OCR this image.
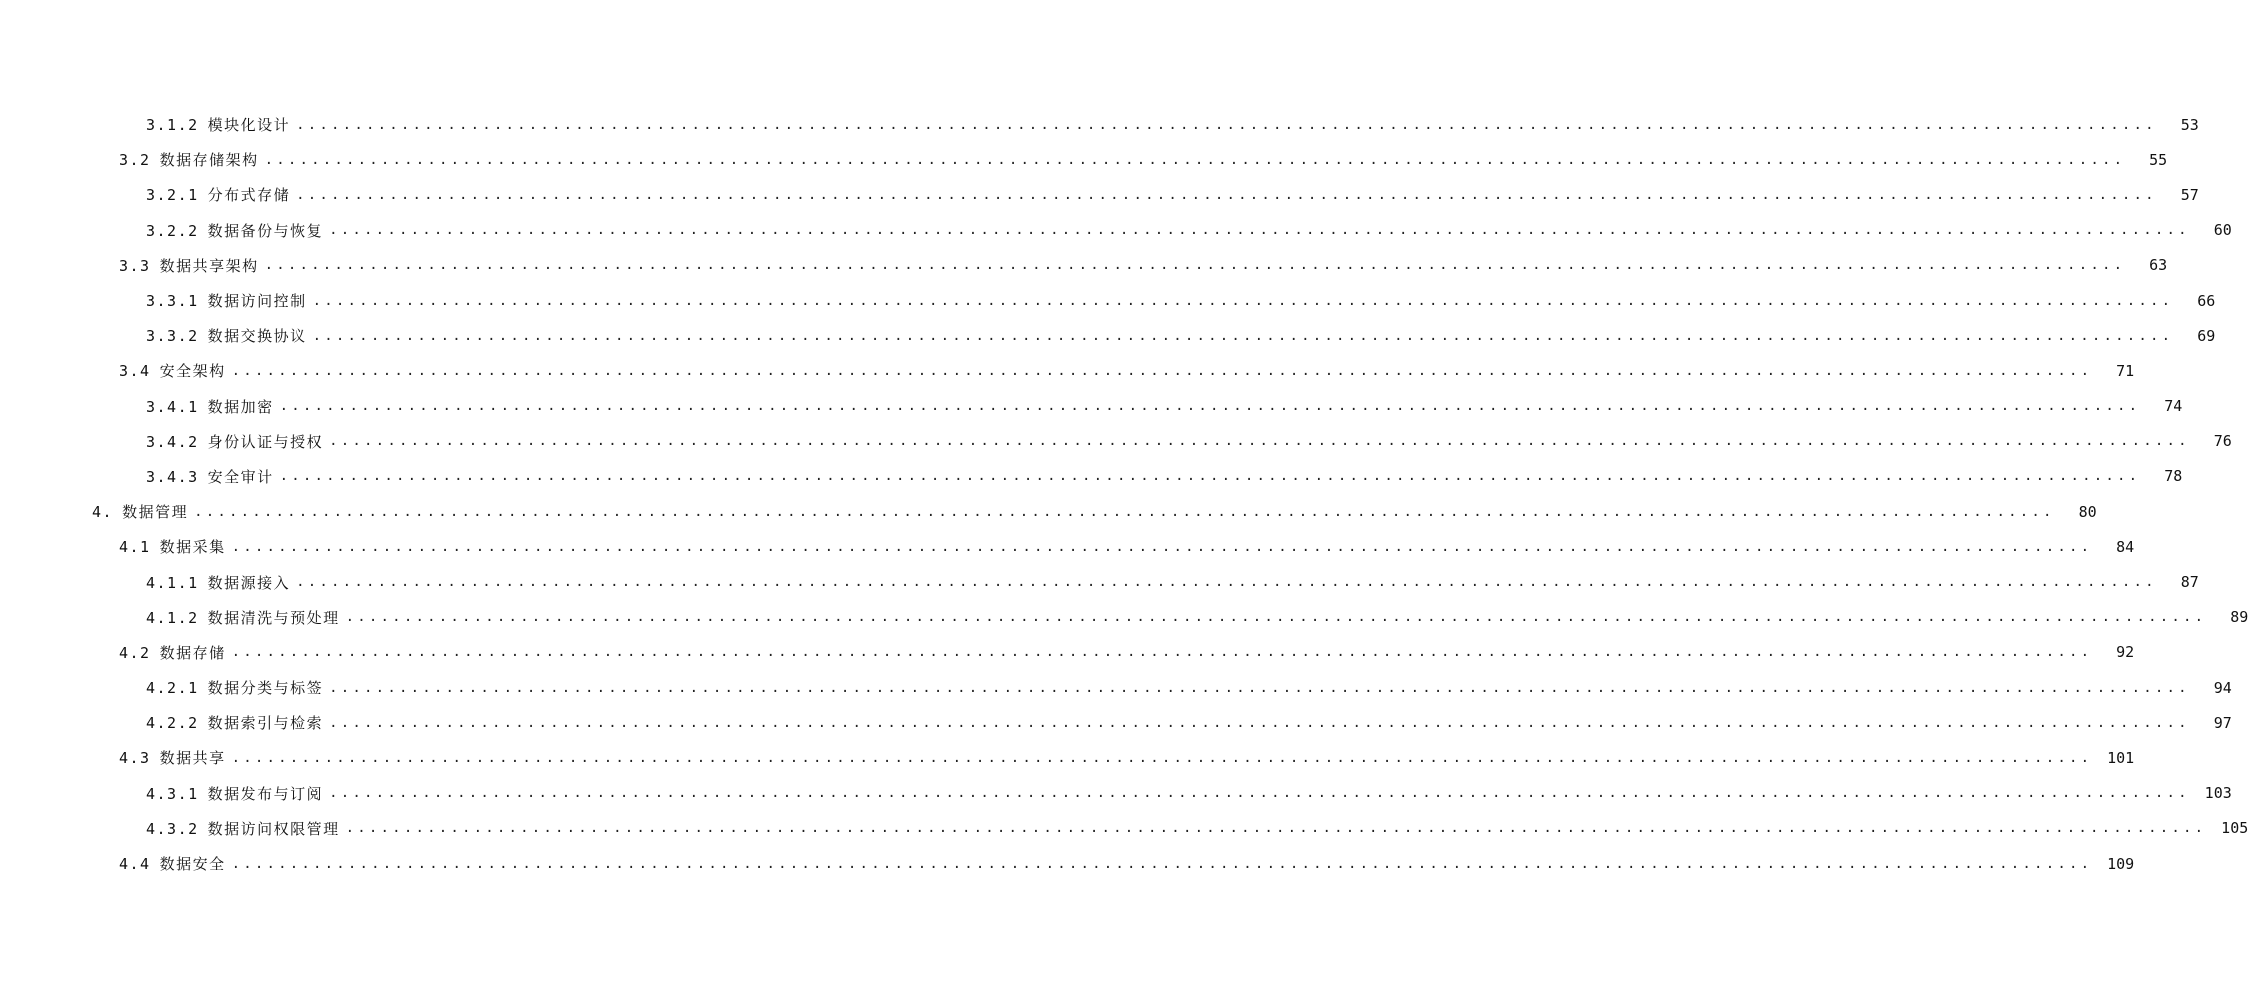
3.1.2 模块化设计 ................................................................................................................................................................	53
3.2 数据存储架构 ................................................................................................................................................................	55
3.2.1 分布式存储 ................................................................................................................................................................	57
3.2.2 数据备份与恢复 ................................................................................................................................................................	60
3.3 数据共享架构 ................................................................................................................................................................	63
3.3.1 数据访问控制 ................................................................................................................................................................	66
3.3.2 数据交换协议 ................................................................................................................................................................	69
3.4 安全架构 ................................................................................................................................................................	71
3.4.1 数据加密 ................................................................................................................................................................	74
3.4.2 身份认证与授权 ................................................................................................................................................................	76
3.4.3 安全审计 ................................................................................................................................................................	78
4. 数据管理 ................................................................................................................................................................	80
4.1 数据采集 ................................................................................................................................................................	84
4.1.1 数据源接入 ................................................................................................................................................................	87
4.1.2 数据清洗与预处理 ................................................................................................................................................................	89
4.2 数据存储 ................................................................................................................................................................	92
4.2.1 数据分类与标签 ................................................................................................................................................................	94
4.2.2 数据索引与检索 ................................................................................................................................................................	97
4.3 数据共享 ................................................................................................................................................................ 101
4.3.1 数据发布与订阅 ................................................................................................................................................................ 103
4.3.2 数据访问权限管理 ................................................................................................................................................................ 105
4.4 数据安全 ................................................................................................................................................................ 109
